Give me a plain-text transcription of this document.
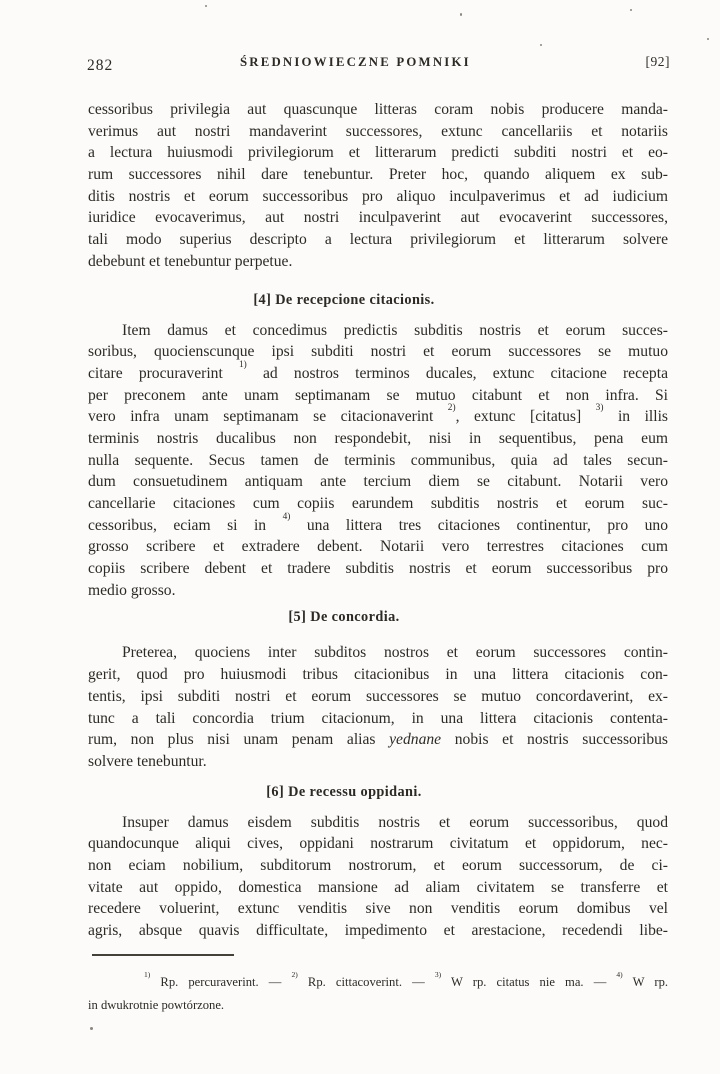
282	ŚREDNIOWIECZNE POMNIKI	[92]
cessoribus privilegia aut quascunque litteras coram nobis producere manda-
verimus aut nostri mandaverint successores, extunc cancellariis et notariis
a lectura huiusmodi privilegiorum et litterarum predicti subditi nostri et eo-
rum successores nihil dare tenebuntur. Preter hoc, quando aliquem ex sub-
ditis nostris et eorum successoribus pro aliquo inculpaverimus et ad iudicium
iuridice evocaverimus, aut nostri inculpaverint aut evocaverint successores,
tali modo superius descripto a lectura privilegiorum et litterarum solvere
debebunt et tenebuntur perpetue.
[4] De recepcione citacionis.
Item damus et concedimus predictis subditis nostris et eorum succes-
soribus, quocienscunque ipsi subditi nostri et eorum successores se mutuo
citare procuraverint $^{1)}$ ad nostros terminos ducales, extunc citacione recepta
per preconem ante unam septimanam se mutuo citabunt et non infra. Si
vero infra unam septimanam se citacionaverint $^{2)}$, extunc [citatus] $^{3)}$ in illis
terminis nostris ducalibus non respondebit, nisi in sequentibus, pena eum
nulla sequente. Secus tamen de terminis communibus, quia ad tales secun-
dum consuetudinem antiquam ante tercium diem se citabunt. Notarii vero
cancellarie citaciones cum copiis earundem subditis nostris et eorum suc-
cessoribus, eciam si in $^{4)}$ una littera tres citaciones continentur, pro uno
grosso scribere et extradere debent. Notarii vero terrestres citaciones cum
copiis scribere debent et tradere subditis nostris et eorum successoribus pro
medio grosso.
[5] De concordia.
Preterea, quociens inter subditos nostros et eorum successores contin-
gerit, quod pro huiusmodi tribus citacionibus in una littera citacionis con-
tentis, ipsi subditi nostri et eorum successores se mutuo concordaverint, ex-
tunc a tali concordia trium citacionum, in una littera citacionis contenta-
rum, non plus nisi unam penam alias yednane nobis et nostris successoribus
solvere tenebuntur.
[6] De recessu oppidani.
Insuper damus eisdem subditis nostris et eorum successoribus, quod
quandocunque aliqui cives, oppidani nostrarum civitatum et oppidorum, nec-
non eciam nobilium, subditorum nostrorum, et eorum successorum, de ci-
vitate aut oppido, domestica mansione ad aliam civitatem se transferre et
recedere voluerint, extunc venditis sive non venditis eorum domibus vel
agris, absque quavis difficultate, impedimento et arestacione, recedendi libe-
$^{1)}$ Rp. percuraverint. — $^{2)}$ Rp. cittacoverint. — $^{3)}$ W rp. citatus nie ma. — $^{4)}$ W rp.
in dwukrotnie powtórzone.
